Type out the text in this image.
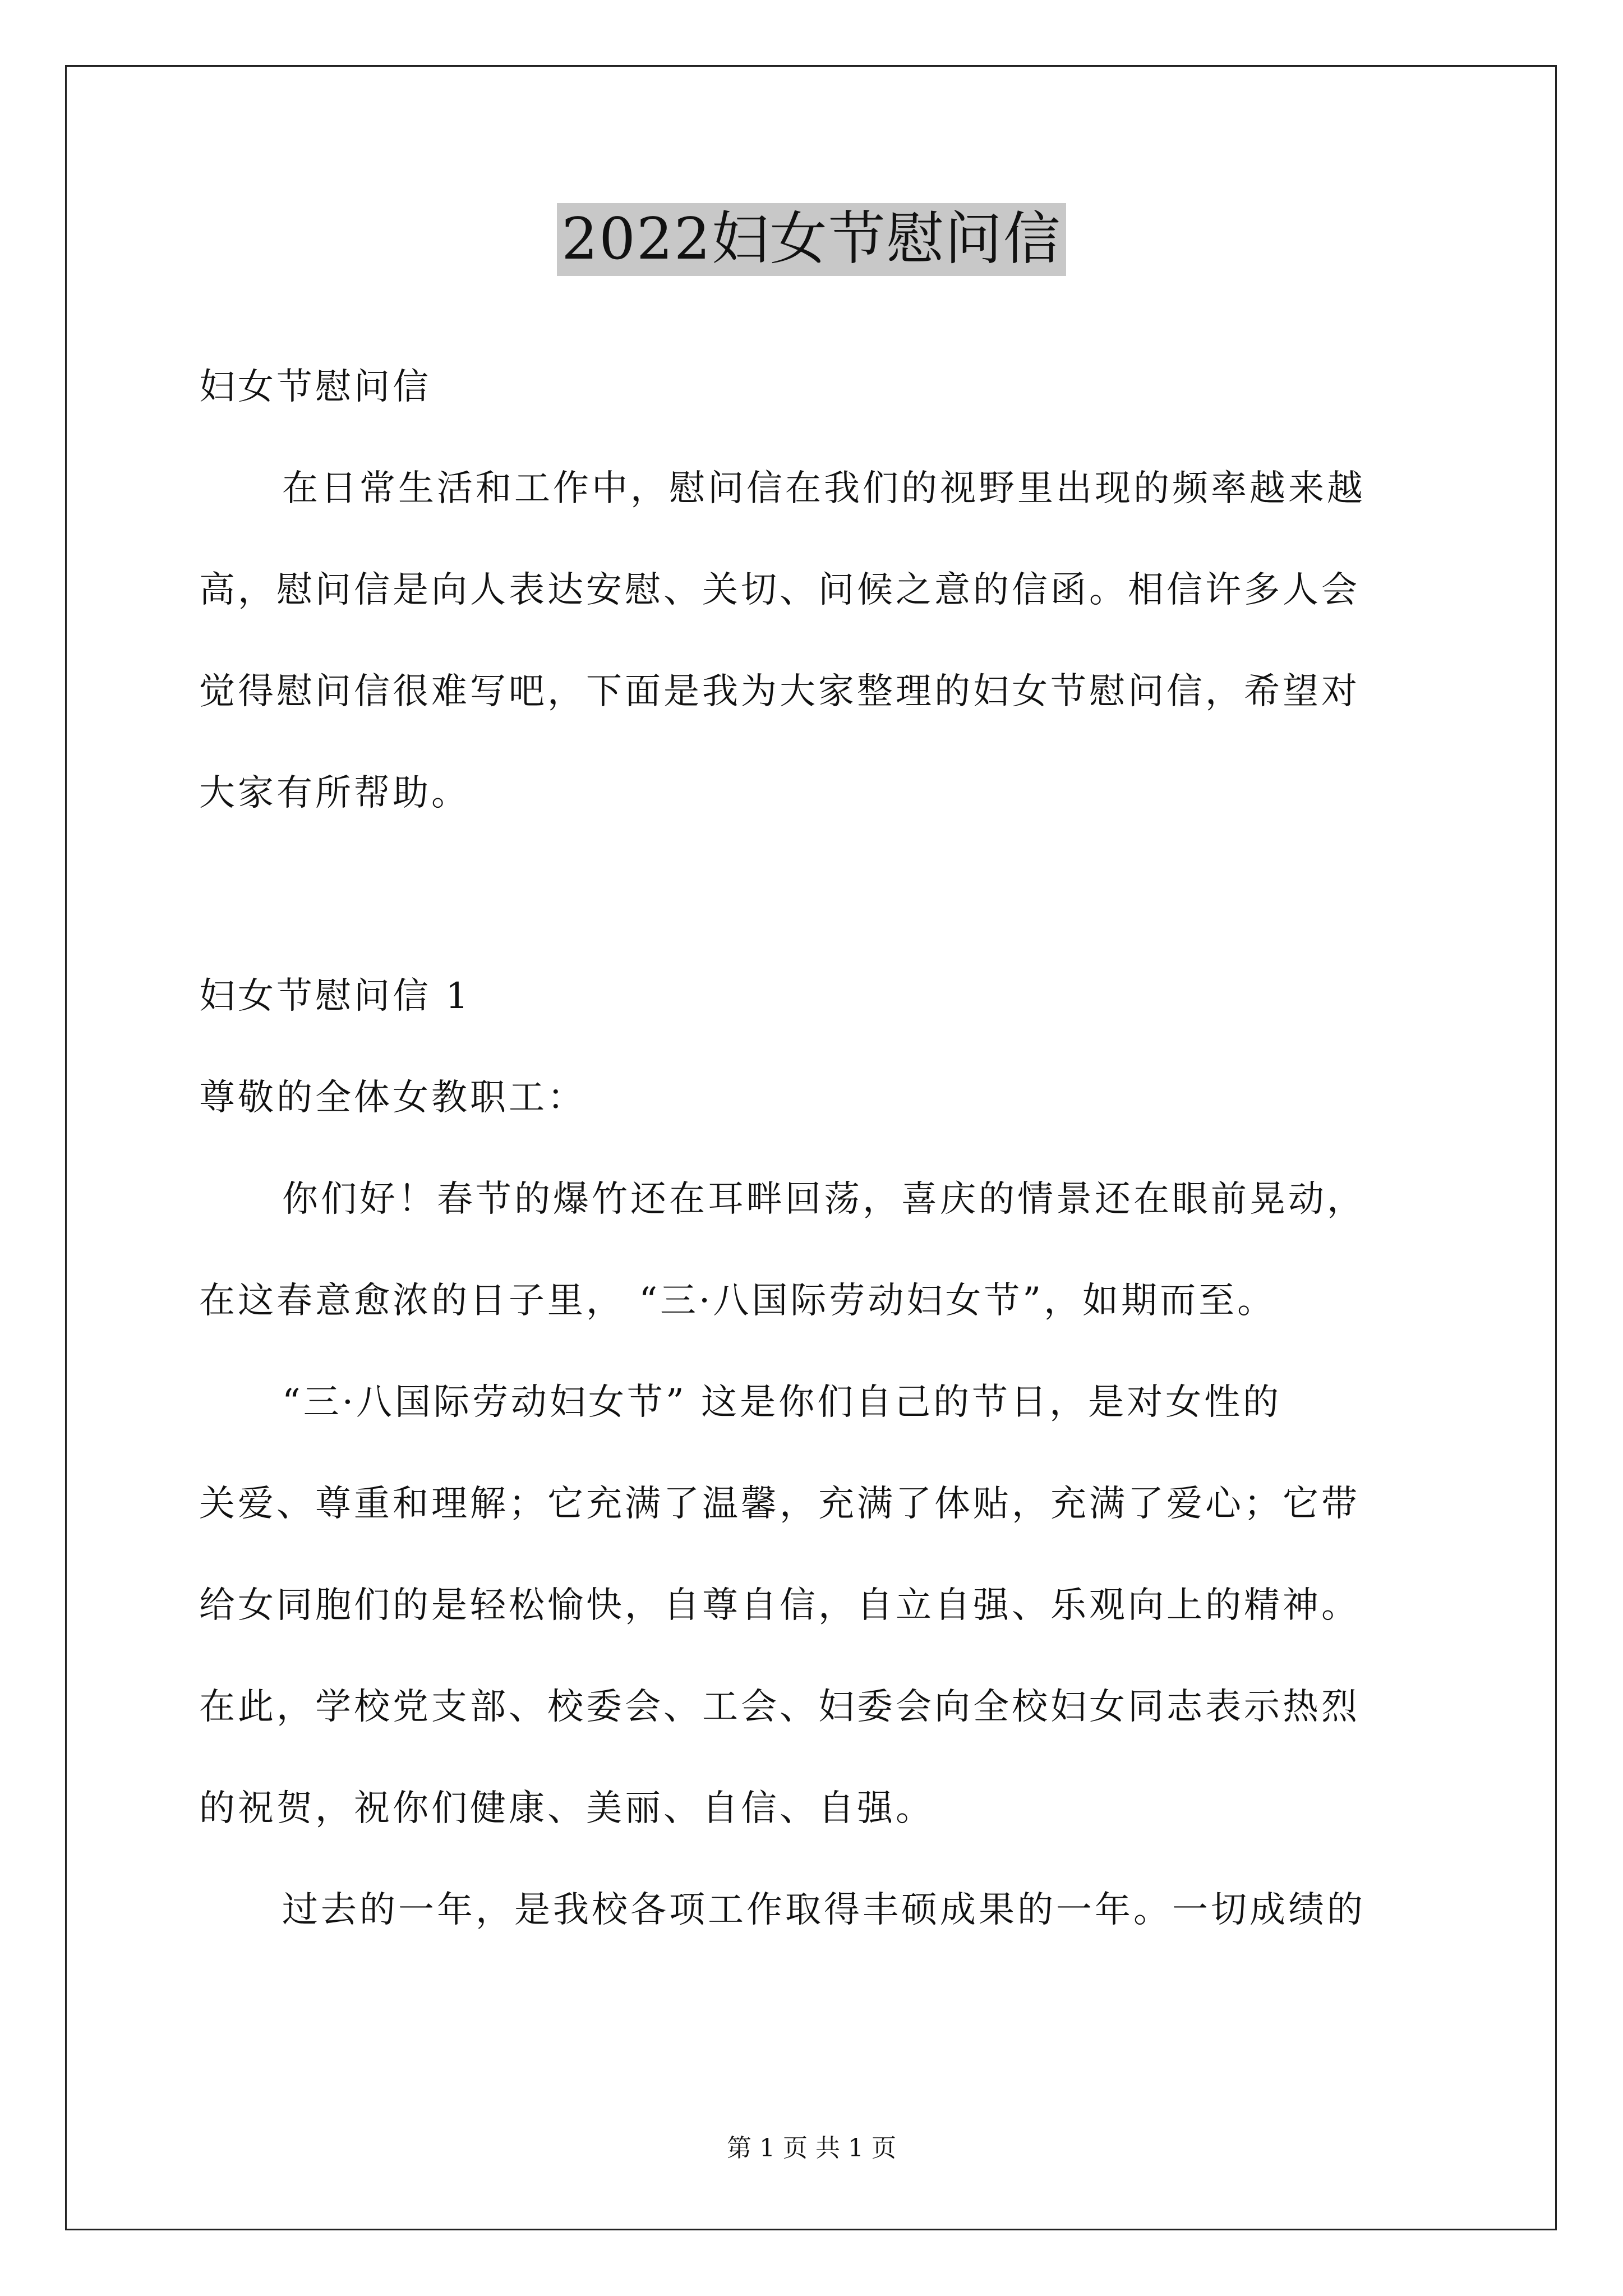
2022妇女节慰问信
妇女节慰问信
在日常生活和工作中，慰问信在我们的视野里出现的频率越来越
高，慰问信是向人表达安慰、关切、问候之意的信函。相信许多人会
觉得慰问信很难写吧，下面是我为大家整理的妇女节慰问信，希望对
大家有所帮助。
妇女节慰问信 1
尊敬的全体女教职工：
你们好！春节的爆竹还在耳畔回荡，喜庆的情景还在眼前晃动，
在这春意愈浓的日子里， “三·八国际劳动妇女节”，如期而至。
“三·八国际劳动妇女节” 这是你们自己的节日，是对女性的
关爱、尊重和理解；它充满了温馨，充满了体贴，充满了爱心；它带
给女同胞们的是轻松愉快，自尊自信，自立自强、乐观向上的精神。
在此，学校党支部、校委会、工会、妇委会向全校妇女同志表示热烈
的祝贺，祝你们健康、美丽、自信、自强。
过去的一年，是我校各项工作取得丰硕成果的一年。一切成绩的
第 1 页 共 1 页
